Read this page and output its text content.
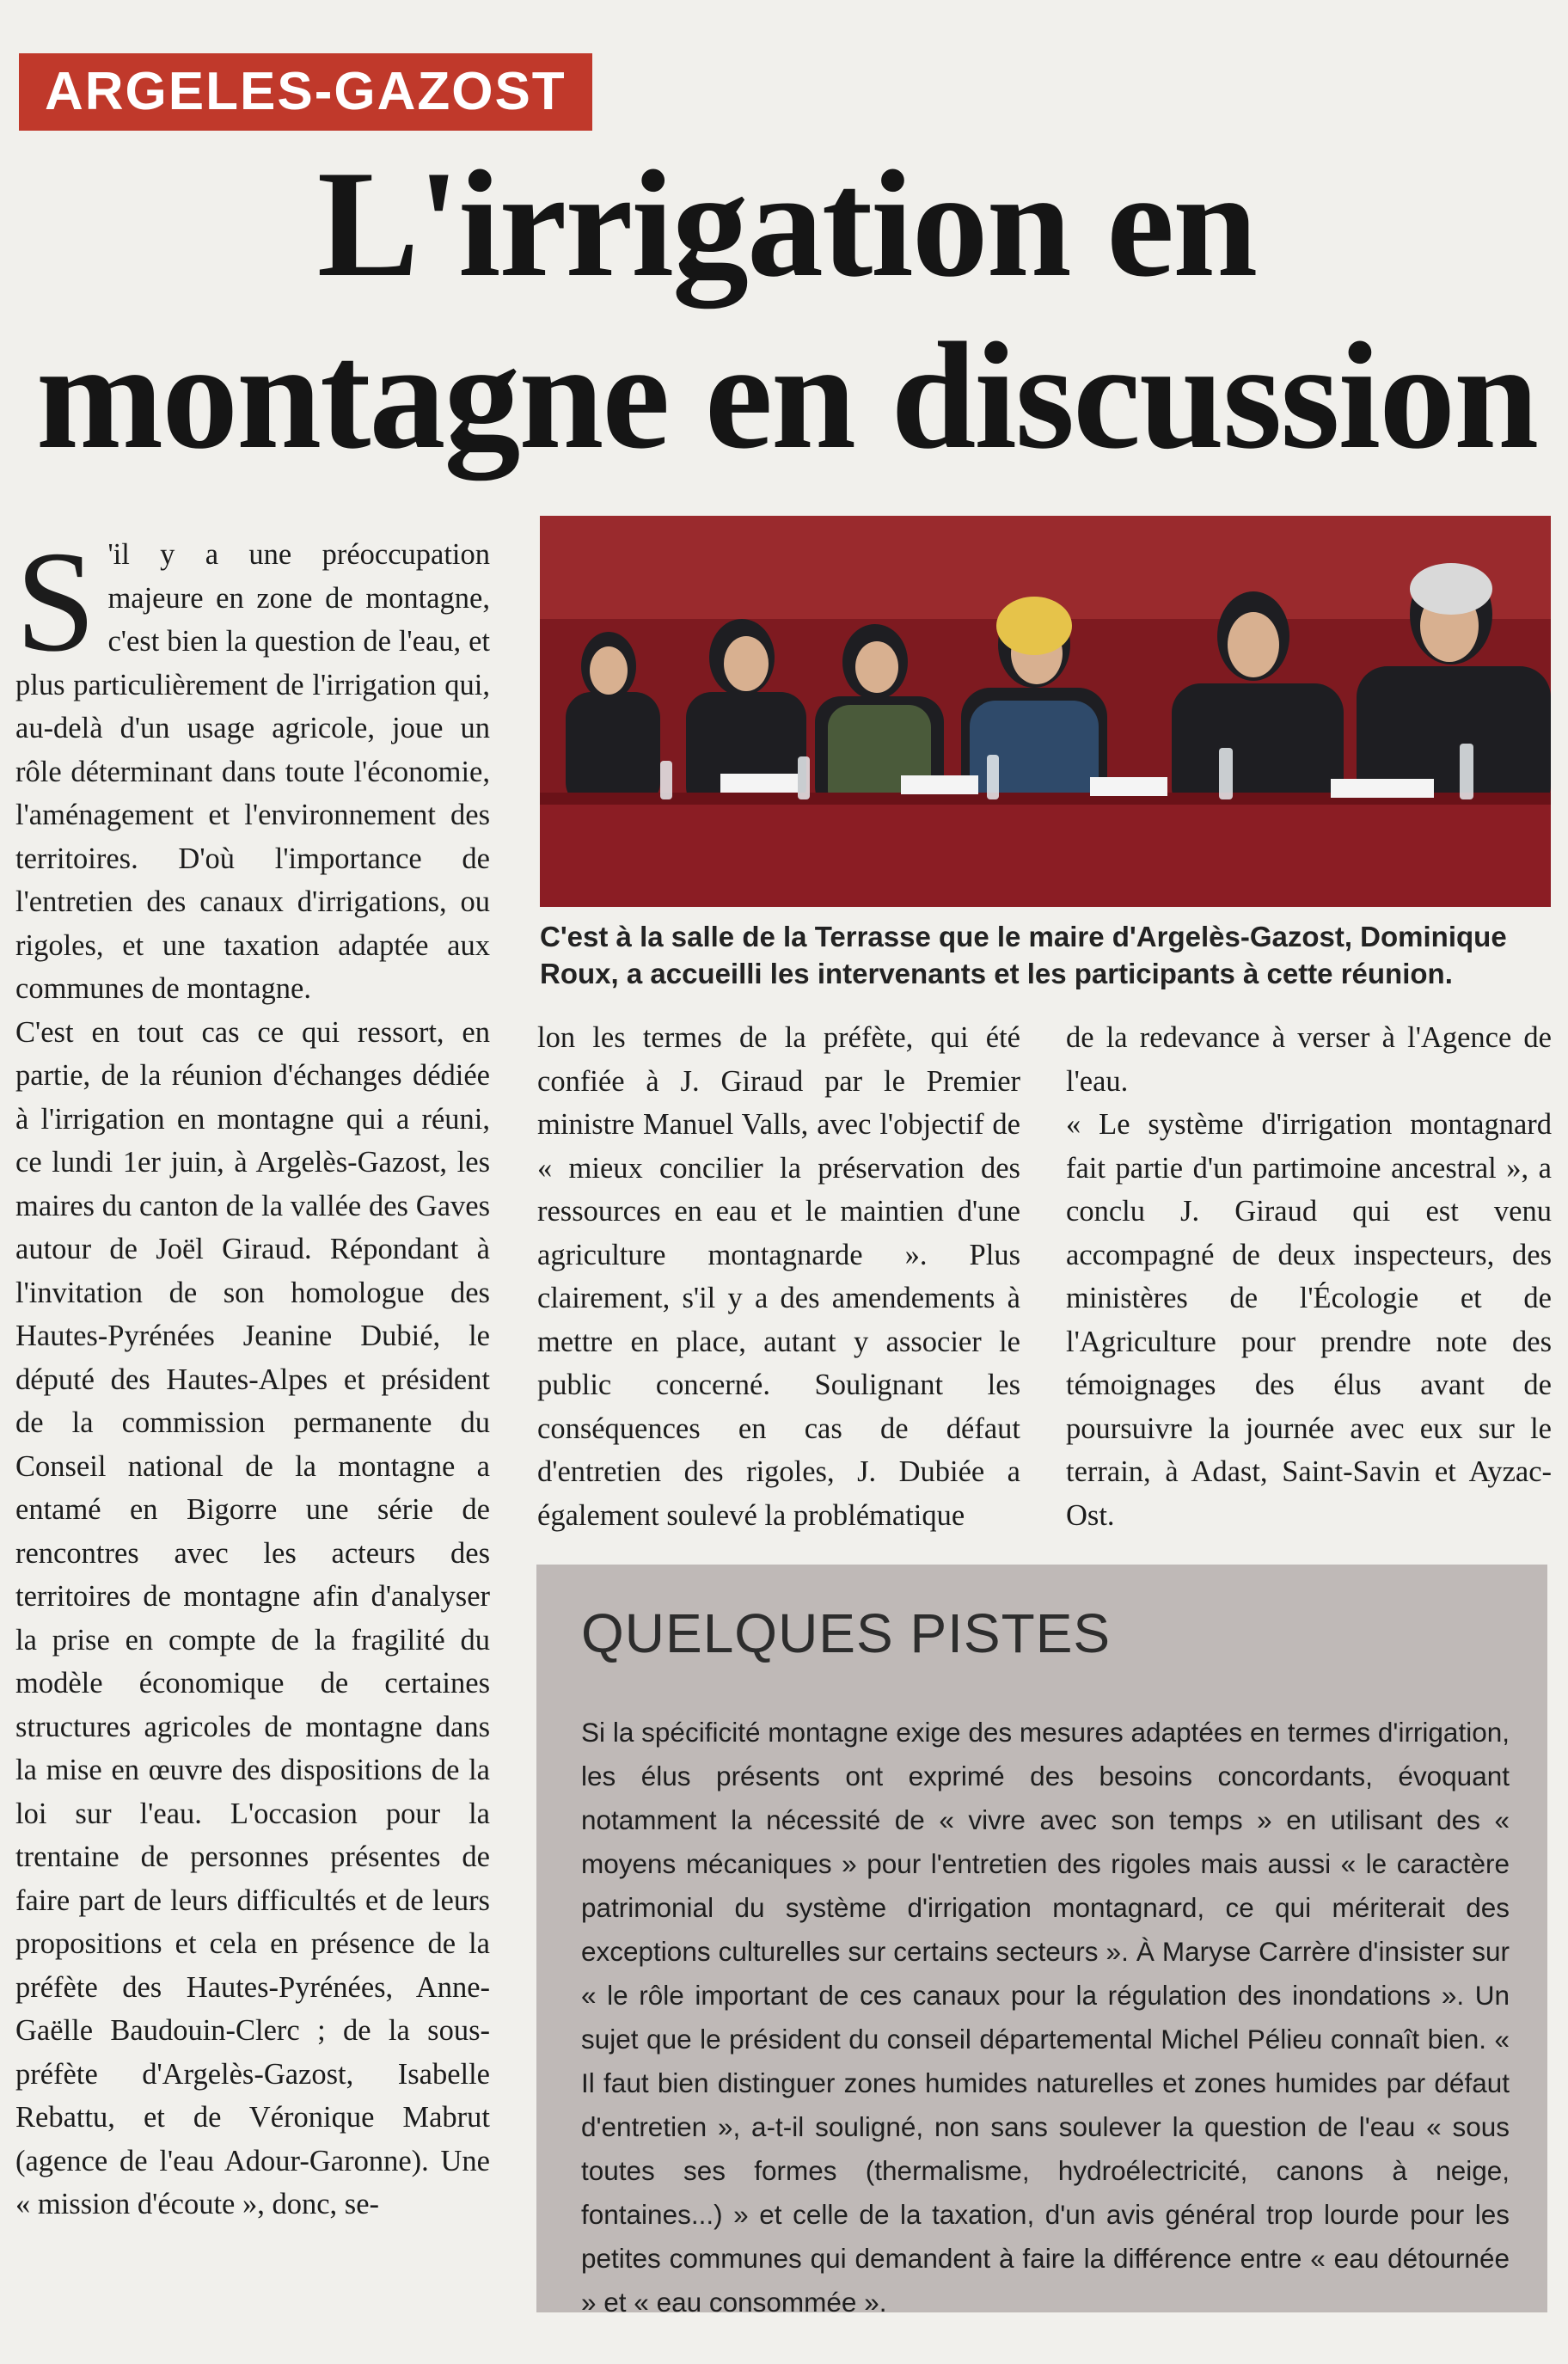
ARGELES-GAZOST
L'irrigation en montagne en discussion
S 'il y a une préoccupation majeure en zone de montagne, c'est bien la question de l'eau, et plus particulièrement de l'irrigation qui, au-delà d'un usage agricole, joue un rôle déterminant dans toute l'économie, l'aménagement et l'environnement des territoires. D'où l'importance de l'entretien des canaux d'irrigations, ou rigoles, et une taxation adaptée aux communes de montagne.

C'est en tout cas ce qui ressort, en partie, de la réunion d'échanges dédiée à l'irrigation en montagne qui a réuni, ce lundi 1er juin, à Argelès-Gazost, les maires du canton de la vallée des Gaves autour de Joël Giraud. Répondant à l'invitation de son homologue des Hautes-Pyrénées Jeanine Dubié, le député des Hautes-Alpes et président de la commission permanente du Conseil national de la montagne a entamé en Bigorre une série de rencontres avec les acteurs des territoires de montagne afin d'analyser la prise en compte de la fragilité du modèle économique de certaines structures agricoles de montagne dans la mise en œuvre des dispositions de la loi sur l'eau. L'occasion pour la trentaine de personnes présentes de faire part de leurs difficultés et de leurs propositions et cela en présence de la préfète des Hautes-Pyrénées, Anne-Gaëlle Baudouin-Clerc ; de la sous-préfète d'Argelès-Gazost, Isabelle Rebattu, et de Véronique Mabrut (agence de l'eau Adour-Garonne). Une « mission d'écoute », donc, se-

C'est à la salle de la Terrasse que le maire d'Argelès-Gazost, Dominique Roux, a accueilli les intervenants et les participants à cette réunion.

lon les termes de la préfète, qui été confiée à J. Giraud par le Premier ministre Manuel Valls, avec l'objectif de « mieux concilier la préservation des ressources en eau et le maintien d'une agriculture montagnarde ». Plus clairement, s'il y a des amendements à mettre en place, autant y associer le public concerné. Soulignant les conséquences en cas de défaut d'entretien des rigoles, J. Dubiée a également soulevé la problématique

de la redevance à verser à l'Agence de l'eau.

« Le système d'irrigation montagnard fait partie d'un partimoine ancestral », a conclu J. Giraud qui est venu accompagné de deux inspecteurs, des ministères de l'Écologie et de l'Agriculture pour prendre note des témoignages des élus avant de poursuivre la journée avec eux sur le terrain, à Adast, Saint-Savin et Ayzac-Ost.

QUELQUES PISTES
Si la spécificité montagne exige des mesures adaptées en termes d'irrigation, les élus présents ont exprimé des besoins concordants, évoquant notamment la nécessité de « vivre avec son temps » en utilisant des « moyens mécaniques » pour l'entretien des rigoles mais aussi « le caractère patrimonial du système d'irrigation montagnard, ce qui mériterait des exceptions culturelles sur certains secteurs ». À Maryse Carrère d'insister sur « le rôle important de ces canaux pour la régulation des inondations ». Un sujet que le président du conseil départemental Michel Pélieu connaît bien. « Il faut bien distinguer zones humides naturelles et zones humides par défaut d'entretien », a-t-il souligné, non sans soulever la question de l'eau « sous toutes ses formes (thermalisme, hydroélectricité, canons à neige, fontaines...) » et celle de la taxation, d'un avis général trop lourde pour les petites communes qui demandent à faire la différence entre « eau détournée » et « eau consommée ».
